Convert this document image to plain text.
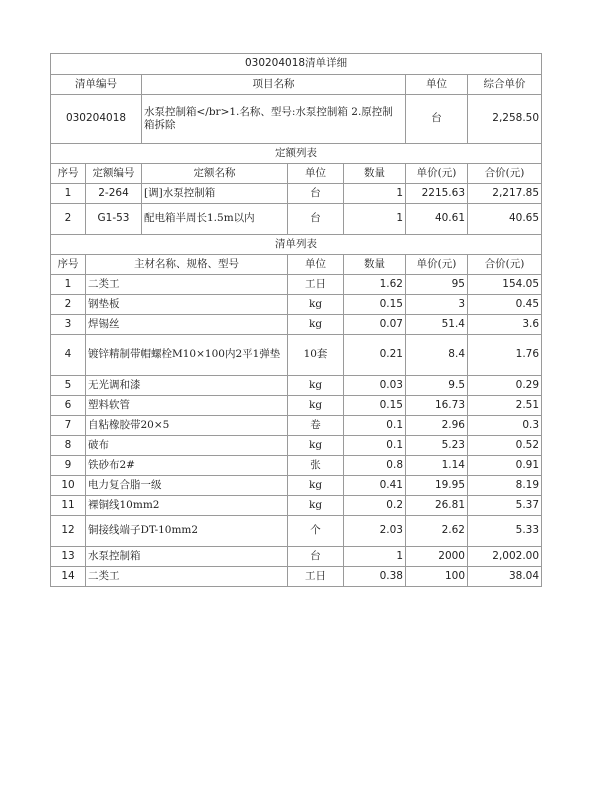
030204018清单详细						
清单编号		项目名称			单位	综合单价
030204018		水泵控制箱</br>1.名称、型号:水泵控制箱 2.原控制箱拆除			台	2,258.50
定额列表						
序号	定额编号	定额名称	单位	数量	单价(元)	合价(元)
1	2-264	[调]水泵控制箱	台	1	2215.63	2,217.85
2	G1-53	配电箱半周长1.5m以内	台	1	40.61	40.65
清单列表						
序号	主材名称、规格、型号		单位	数量	单价(元)	合价(元)
1	二类工		工日	1.62	95	154.05
2	钢垫板		kg	0.15	3	0.45
3	焊锡丝		kg	0.07	51.4	3.6
4	镀锌精制带帽螺栓M10×100内2平1弹垫		10套	0.21	8.4	1.76
5	无光调和漆		kg	0.03	9.5	0.29
6	塑料软管		kg	0.15	16.73	2.51
7	自粘橡胶带20×5		卷	0.1	2.96	0.3
8	破布		kg	0.1	5.23	0.52
9	铁砂布2#		张	0.8	1.14	0.91
10	电力复合脂一级		kg	0.41	19.95	8.19
11	裸铜线10mm2		kg	0.2	26.81	5.37
12	铜接线端子DT-10mm2		个	2.03	2.62	5.33
13	水泵控制箱		台	1	2000	2,002.00
14	二类工		工日	0.38	100	38.04
